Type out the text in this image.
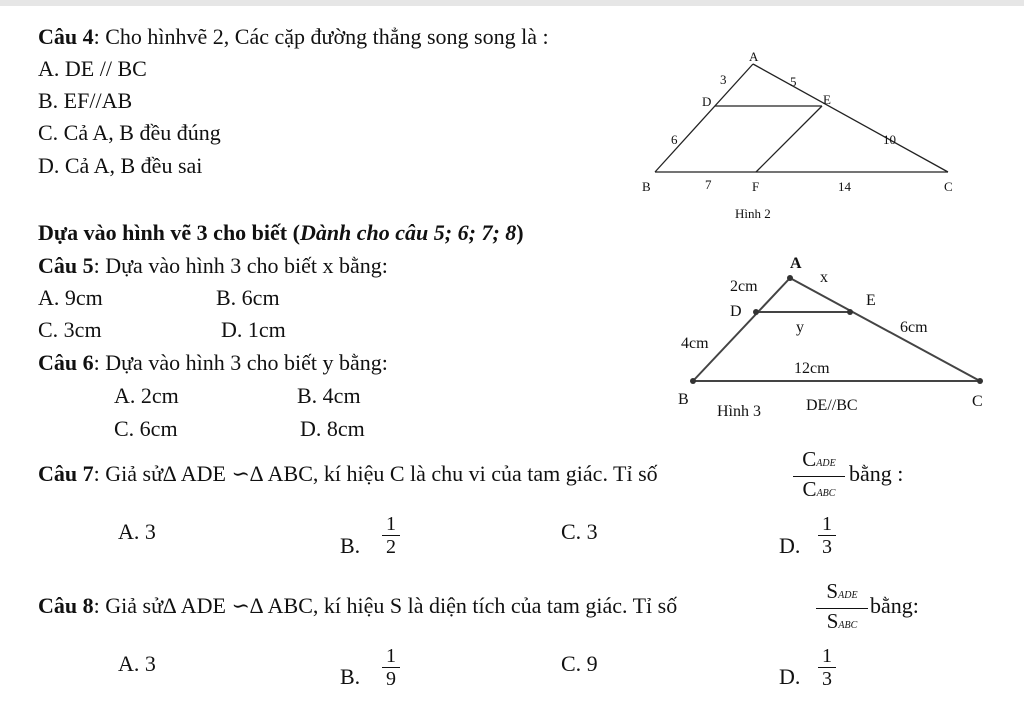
Câu 4: Cho hìnhvẽ 2, Các cặp đường thẳng song song là :
A. DE // BC
B. EF//AB
C. Cả A, B đều đúng
D. Cả A, B đều sai
A
D	E
B	F	C
3	5
6	10
7	14
Hình 2
Dựa vào hình vẽ 3 cho biết (Dành cho câu 5; 6; 7; 8)
Câu 5: Dựa vào hình 3 cho biết x bằng:
A. 9cm	B. 6cm
C. 3cm	D. 1cm
Câu 6: Dựa vào hình 3 cho biết y bằng:
A. 2cm	B. 4cm
C. 6cm	D. 8cm
A
D
E
B	C
2cm
x
y
4cm
6cm
12cm
Hình 3	DE//BC
Câu 7: Giả sử∆ ADE ∽∆ ABC, kí hiệu C là chu vi của tam giác. Tỉ số
CADE
CABC
bằng :
A. 3
B. $\frac{1}{2}$	C. 3
D. $\frac{1}{3}$
Câu 8: Giả sử∆ ADE ∽∆ ABC, kí hiệu S là diện tích của tam giác. Tỉ số
SADE
SABC
bằng:
A. 3
B. $\frac{1}{9}$	C. 9
D. $\frac{1}{3}$
